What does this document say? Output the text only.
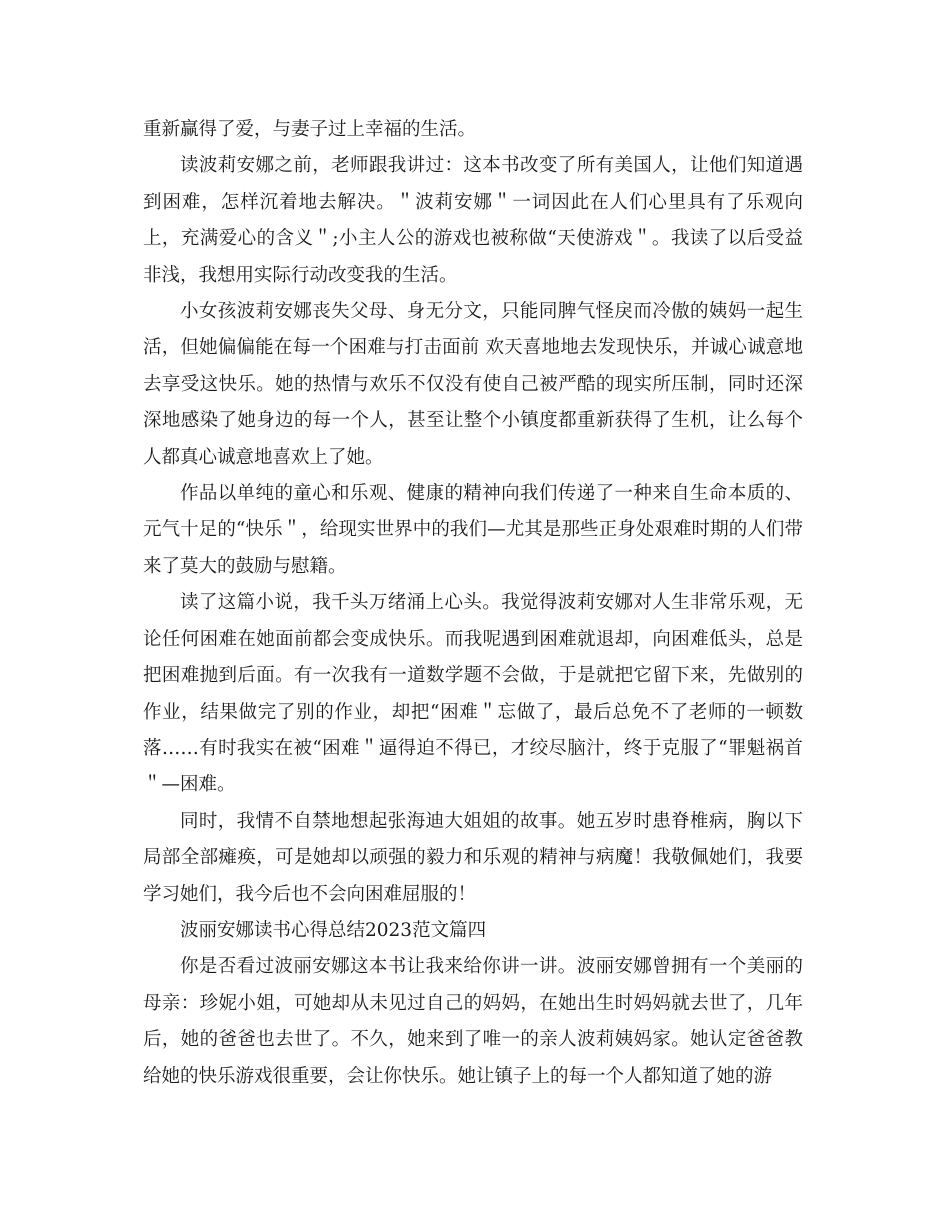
重新赢得了爱，与妻子过上幸福的生活。

读波莉安娜之前，老师跟我讲过：这本书改变了所有美国人，让他们知道遇到困难，怎样沉着地去解决。＂波莉安娜＂一词因此在人们心里具有了乐观向上，充满爱心的含义＂;小主人公的游戏也被称做“天使游戏＂。我读了以后受益非浅，我想用实际行动改变我的生活。

小女孩波莉安娜丧失父母、身无分文，只能同脾气怪戾而冷傲的姨妈一起生活，但她偏偏能在每一个困难与打击面前 欢天喜地地去发现快乐，并诚心诚意地去享受这快乐。她的热情与欢乐不仅没有使自己被严酷的现实所压制，同时还深深地感染了她身边的每一个人，甚至让整个小镇度都重新获得了生机，让么每个人都真心诚意地喜欢上了她。

作品以单纯的童心和乐观、健康的精神向我们传递了一种来自生命本质的、元气十足的“快乐＂，给现实世界中的我们—尤其是那些正身处艰难时期的人们带来了莫大的鼓励与慰籍。

读了这篇小说，我千头万绪涌上心头。我觉得波莉安娜对人生非常乐观，无论任何困难在她面前都会变成快乐。而我呢遇到困难就退却，向困难低头，总是把困难抛到后面。有一次我有一道数学题不会做，于是就把它留下来，先做别的作业，结果做完了别的作业，却把“困难＂忘做了，最后总免不了老师的一顿数落……有时我实在被“困难＂逼得迫不得已，才绞尽脑汁，终于克服了“罪魁祸首＂—困难。

同时，我情不自禁地想起张海迪大姐姐的故事。她五岁时患脊椎病，胸以下局部全部瘫痪，可是她却以顽强的毅力和乐观的精神与病魔！我敬佩她们，我要学习她们，我今后也不会向困难屈服的！

波丽安娜读书心得总结2023范文篇四

你是否看过波丽安娜这本书让我来给你讲一讲。波丽安娜曾拥有一个美丽的母亲：珍妮小姐，可她却从未见过自己的妈妈，在她出生时妈妈就去世了，几年后，她的爸爸也去世了。不久，她来到了唯一的亲人波莉姨妈家。她认定爸爸教给她的快乐游戏很重要，会让你快乐。她让镇子上的每一个人都知道了她的游
